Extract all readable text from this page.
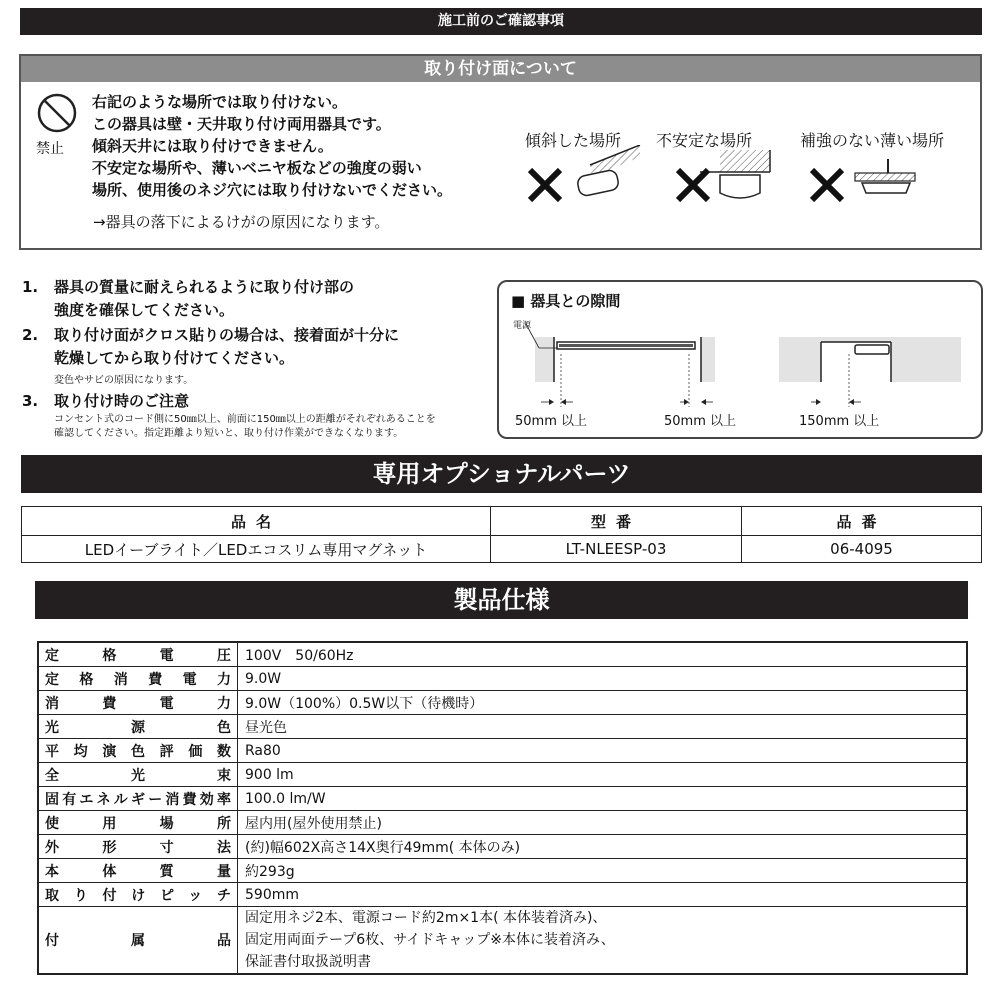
施工前のご確認事項
取り付け面について
禁止
右記のような場所では取り付けない。
この器具は壁・天井取り付け両用器具です。
傾斜天井には取り付けできません。
不安定な場所や、薄いベニヤ板などの強度の弱い
場所、使用後のネジ穴には取り付けないでください。
→器具の落下によるけがの原因になります。
傾斜した場所 不安定な場所	補強のない薄い場所
1.	器具の質量に耐えられるように取り付け部の
強度を確保してください。
2.	取り付け面がクロス貼りの場合は、接着面が十分に
乾燥してから取り付けてください。
変色やサビの原因になります。
3.	取り付け時のご注意
コンセント式のコード側に50㎜以上、前面に150㎜以上の距離がそれぞれあることを
確認してください。指定距離より短いと、取り付け作業ができなくなります。
■ 器具との隙間
電源
50mm 以上	50mm 以上	150mm 以上
専用オプショナルパーツ
品名	型番	品番
LEDイーブライト／LEDエコスリム専用マグネット	LT-NLEESP-03	06-4095
製品仕様
定格電圧	100V　50/60Hz
定格消費電力	9.0W
消費電力	9.0W（100%）0.5W以下（待機時）
光源色	昼光色
平均演色評価数	Ra80
全光束	900 lm
固有エネルギー消費効率	100.0 lm/W
使用場所	屋内用(屋外使用禁止)
外形寸法	(約)幅602X高さ14X奥行49mm( 本体のみ)
本体質量	約293g
取り付けピッチ	590mm
付属品	固定用ネジ2本、電源コード約2m×1本( 本体装着済み)、
固定用両面テープ6枚、サイドキャップ※本体に装着済み、
保証書付取扱説明書
